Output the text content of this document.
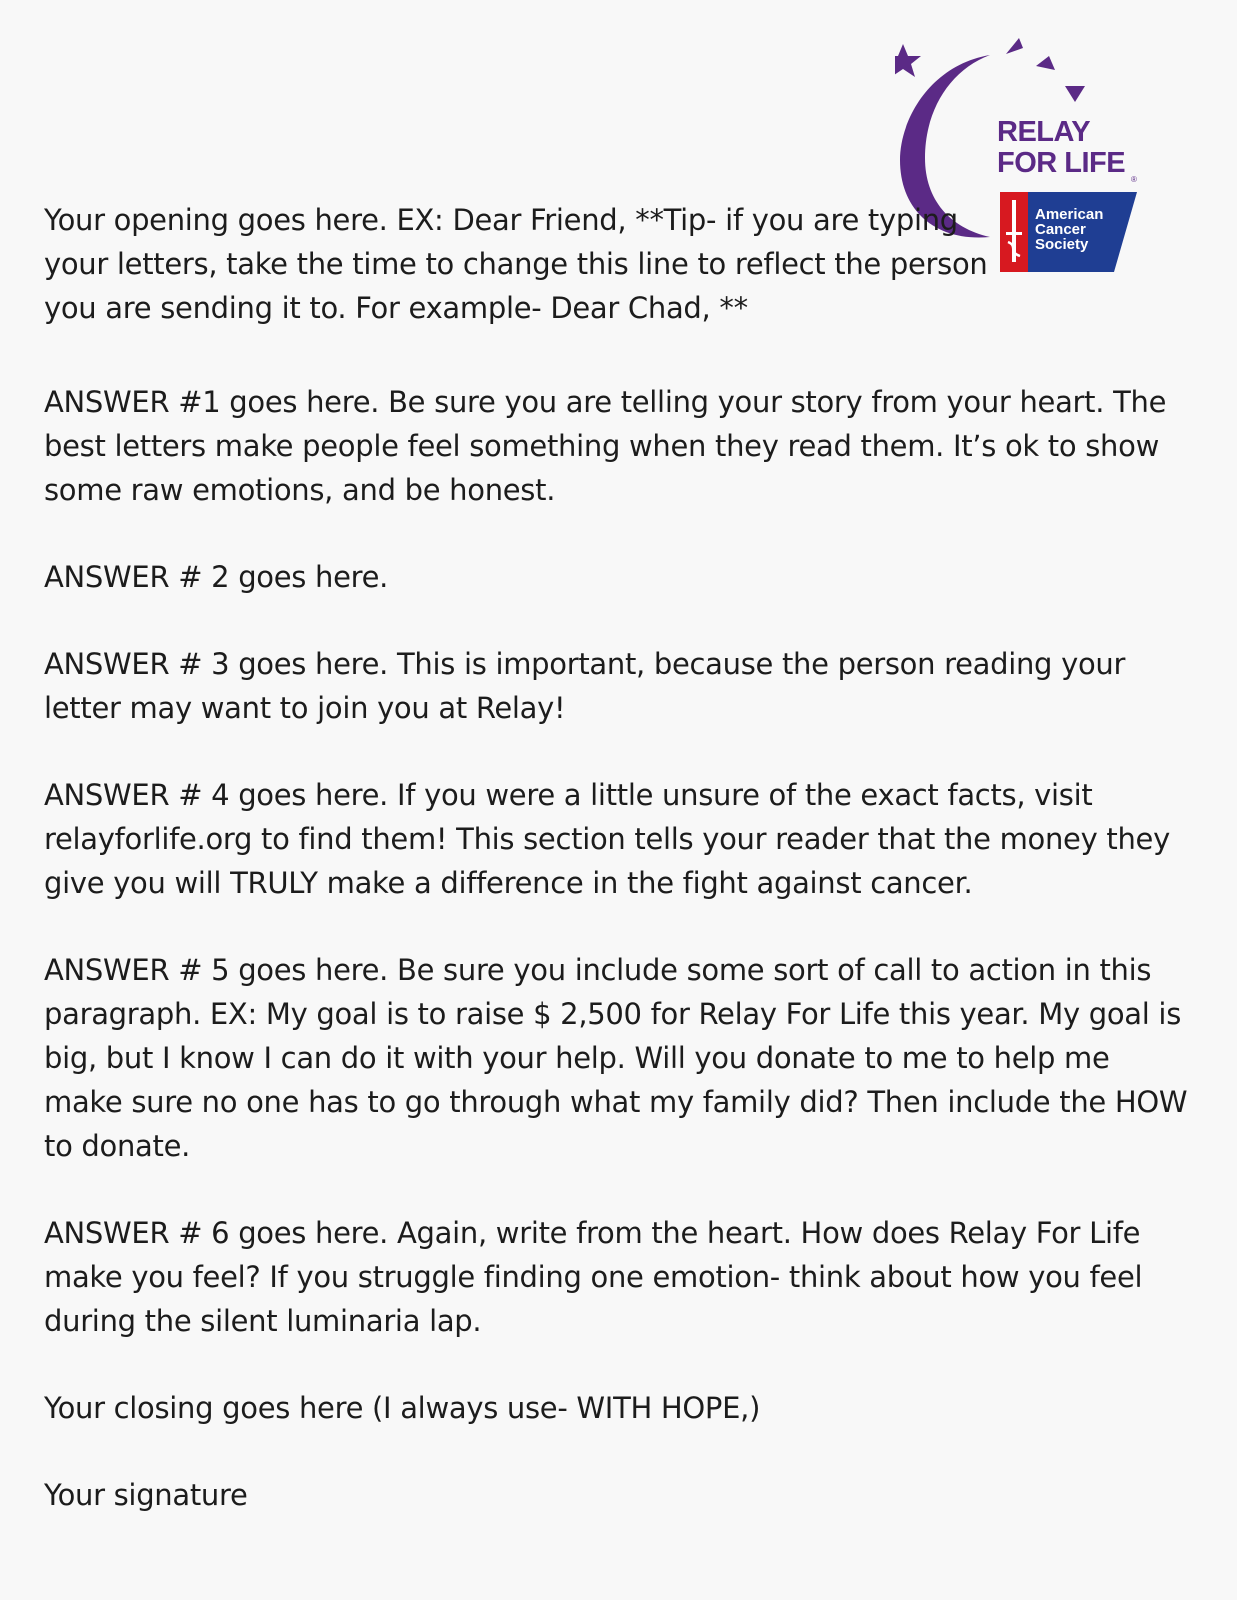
RELAY
FOR LIFE
®
American
Cancer
Society

Your opening goes here. EX: Dear Friend, **Tip- if you are typing your letters, take the time to change this line to reflect the person you are sending it to. For example- Dear Chad, **

ANSWER #1 goes here. Be sure you are telling your story from your heart. The best letters make people feel something when they read them. It’s ok to show some raw emotions, and be honest.

ANSWER # 2 goes here.

ANSWER # 3 goes here. This is important, because the person reading your letter may want to join you at Relay!

ANSWER # 4 goes here. If you were a little unsure of the exact facts, visit relayforlife.org to find them! This section tells your reader that the money they give you will TRULY make a difference in the fight against cancer.

ANSWER # 5 goes here. Be sure you include some sort of call to action in this paragraph. EX: My goal is to raise $ 2,500 for Relay For Life this year. My goal is big, but I know I can do it with your help. Will you donate to me to help me make sure no one has to go through what my family did? Then include the HOW to donate.

ANSWER # 6 goes here. Again, write from the heart. How does Relay For Life make you feel? If you struggle finding one emotion- think about how you feel during the silent luminaria lap.

Your closing goes here (I always use- WITH HOPE,)

Your signature
